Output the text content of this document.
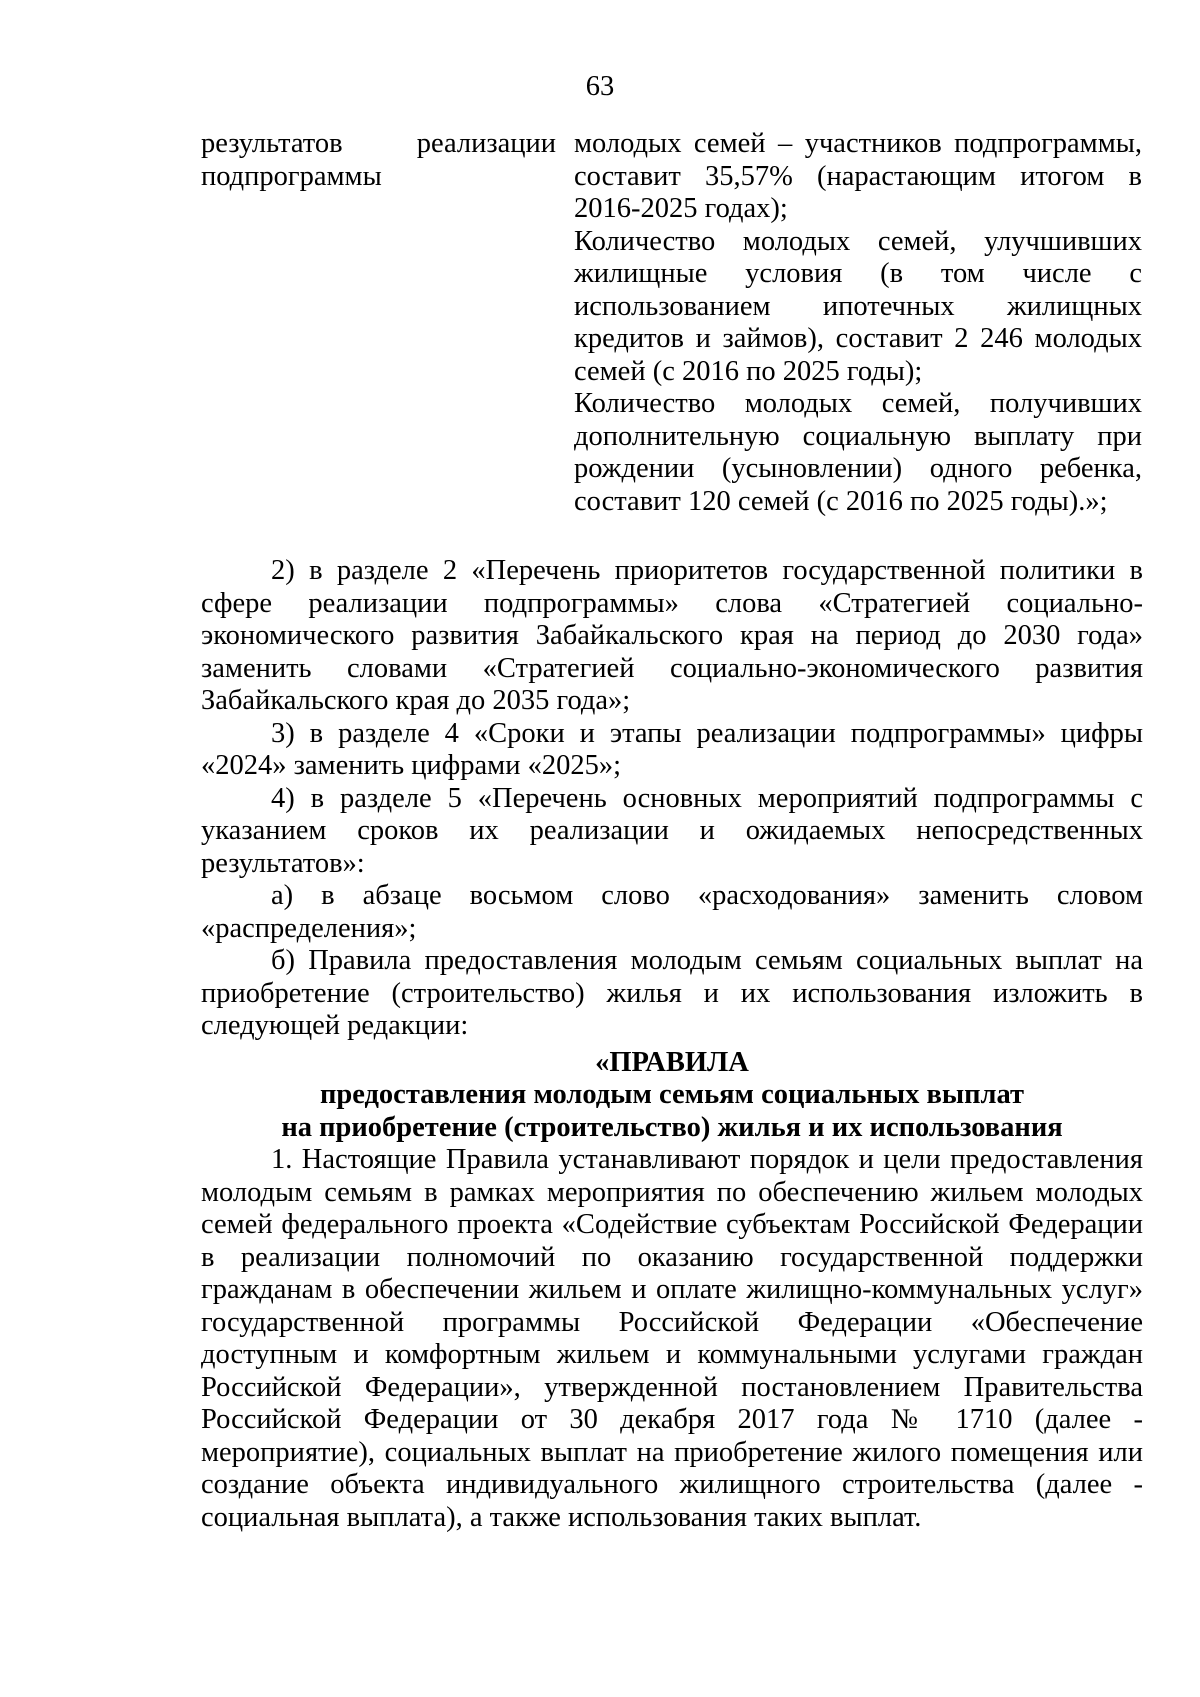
63
результатов	реализации
подпрограммы

молодых семей – участников подпрограммы, составит 35,57% (нарастающим итогом в 2016-2025 годах);

Количество молодых семей, улучшивших жилищные условия (в том числе с использованием ипотечных жилищных кредитов и займов), составит 2 246 молодых семей (с 2016 по 2025 годы);

Количество молодых семей, получивших дополнительную социальную выплату при рождении (усыновлении) одного ребенка, составит 120 семей (с 2016 по 2025 годы).»;

2) в разделе 2 «Перечень приоритетов государственной политики в сфере реализации подпрограммы» слова «Стратегией социально-экономического развития Забайкальского края на период до 2030 года» заменить словами «Стратегией социально-экономического развития Забайкальского края до 2035 года»;

3) в разделе 4 «Сроки и этапы реализации подпрограммы» цифры «2024» заменить цифрами «2025»;

4) в разделе 5 «Перечень основных мероприятий подпрограммы с указанием сроков их реализации и ожидаемых непосредственных результатов»:

а) в абзаце восьмом слово «расходования» заменить словом «распределения»;

б) Правила предоставления молодым семьям социальных выплат на приобретение (строительство) жилья и их использования изложить в следующей редакции:

«ПРАВИЛА

предоставления молодым семьям социальных выплат

на приобретение (строительство) жилья и их использования

1. Настоящие Правила устанавливают порядок и цели предоставления молодым семьям в рамках мероприятия по обеспечению жильем молодых семей федерального проекта «Содействие субъектам Российской Федерации в реализации полномочий по оказанию государственной поддержки гражданам в обеспечении жильем и оплате жилищно-коммунальных услуг» государственной программы Российской Федерации «Обеспечение доступным и комфортным жильем и коммунальными услугами граждан Российской Федерации», утвержденной постановлением Правительства Российской Федерации от 30 декабря 2017 года № 1710 (далее - мероприятие), социальных выплат на приобретение жилого помещения или создание объекта индивидуального жилищного строительства (далее - социальная выплата), а также использования таких выплат.
